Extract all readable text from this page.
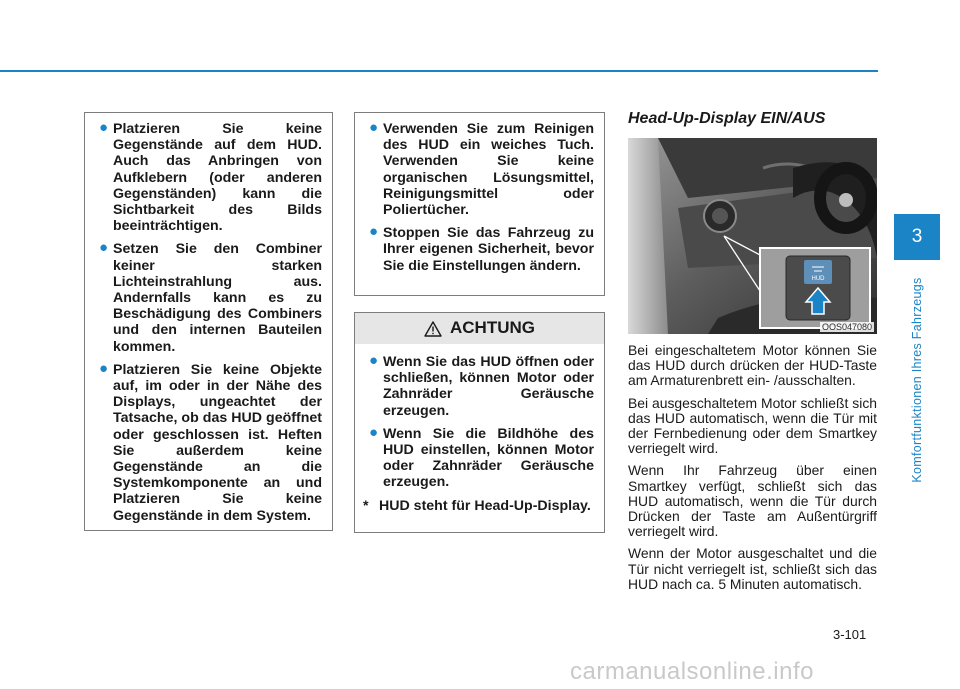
● Platzieren Sie keine Gegenstände auf dem HUD. Auch das Anbringen von Aufklebern (oder anderen Gegenständen) kann die Sichtbarkeit des Bilds beeinträchtigen.
● Setzen Sie den Combiner keiner starken Lichteinstrahlung aus. Andernfalls kann es zu Beschädigung des Combiners und den internen Bauteilen kommen.
● Platzieren Sie keine Objekte auf, im oder in der Nähe des Displays, ungeachtet der Tatsache, ob das HUD geöffnet oder geschlossen ist. Heften Sie außerdem keine Gegenstände an die Systemkomponente an und Platzieren Sie keine Gegenstände in dem System.
● Verwenden Sie zum Reinigen des HUD ein weiches Tuch. Verwenden Sie keine organischen Lösungsmittel, Reinigungsmittel oder Poliertücher.
● Stoppen Sie das Fahrzeug zu Ihrer eigenen Sicherheit, bevor Sie die Einstellungen ändern.
ACHTUNG
● Wenn Sie das HUD öffnen oder schließen, können Motor oder Zahnräder Geräusche erzeugen.
● Wenn Sie die Bildhöhe des HUD einstellen, können Motor oder Zahnräder Geräusche erzeugen.
* HUD steht für Head-Up-Display.
Head-Up-Display EIN/AUS
HUD
OOS047080

Bei eingeschaltetem Motor können Sie das HUD durch drücken der HUD-Taste am Armaturenbrett ein- /ausschalten.

Bei ausgeschaltetem Motor schließt sich das HUD automatisch, wenn die Tür mit der Fernbedienung oder dem Smartkey verriegelt wird.

Wenn Ihr Fahrzeug über einen Smartkey verfügt, schließt sich das HUD automatisch, wenn die Tür durch Drücken der Taste am Außentürgriff verriegelt wird.

Wenn der Motor ausgeschaltet und die Tür nicht verriegelt ist, schließt sich das HUD nach ca. 5 Minuten automatisch.

3-101
3
Komfortfunktionen Ihres Fahrzeugs
carmanualsonline.info
